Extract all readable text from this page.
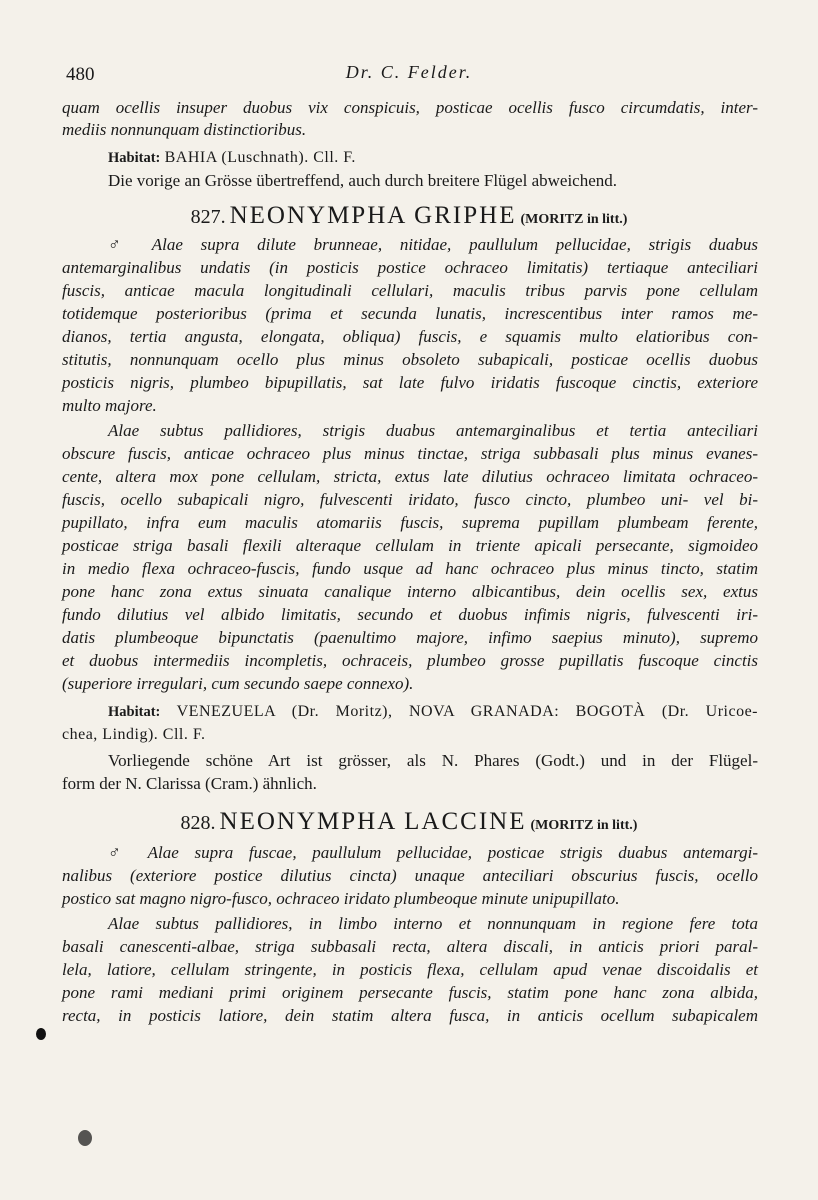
480	Dr. C. Felder.
quam ocellis insuper duobus vix conspicuis, posticae ocellis fusco circumdatis, inter-
mediis nonnunquam distinctioribus.
Habitat: BAHIA (Luschnath). Cll. F.
Die vorige an Grösse übertreffend, auch durch breitere Flügel abweichend.
827. NEONYMPHA GRIPHE (MORITZ in litt.)
♂ Alae supra dilute brunneae, nitidae, paullulum pellucidae, strigis duabus
antemarginalibus undatis (in posticis postice ochraceo limitatis) tertiaque anteciliari
fuscis, anticae macula longitudinali cellulari, maculis tribus parvis pone cellulam
totidemque posterioribus (prima et secunda lunatis, increscentibus inter ramos me-
dianos, tertia angusta, elongata, obliqua) fuscis, e squamis multo elatioribus con-
stitutis, nonnunquam ocello plus minus obsoleto subapicali, posticae ocellis duobus
posticis nigris, plumbeo bipupillatis, sat late fulvo iridatis fuscoque cinctis, exteriore
multo majore.
Alae subtus pallidiores, strigis duabus antemarginalibus et tertia anteciliari
obscure fuscis, anticae ochraceo plus minus tinctae, striga subbasali plus minus evanes-
cente, altera mox pone cellulam, stricta, extus late dilutius ochraceo limitata ochraceo-
fuscis, ocello subapicali nigro, fulvescenti iridato, fusco cincto, plumbeo uni- vel bi-
pupillato, infra eum maculis atomariis fuscis, suprema pupillam plumbeam ferente,
posticae striga basali flexili alteraque cellulam in triente apicali persecante, sigmoideo
in medio flexa ochraceo-fuscis, fundo usque ad hanc ochraceo plus minus tincto, statim
pone hanc zona extus sinuata canalique interno albicantibus, dein ocellis sex, extus
fundo dilutius vel albido limitatis, secundo et duobus infimis nigris, fulvescenti iri-
datis plumbeoque bipunctatis (paenultimo majore, infimo saepius minuto), supremo
et duobus intermediis incompletis, ochraceis, plumbeo grosse pupillatis fuscoque cinctis
(superiore irregulari, cum secundo saepe connexo).
Habitat: VENEZUELA (Dr. Moritz), NOVA GRANADA: BOGOTÀ (Dr. Uricoe-
chea, Lindig). Cll. F.
Vorliegende schöne Art ist grösser, als N. Phares (Godt.) und in der Flügel-
form der N. Clarissa (Cram.) ähnlich.
828. NEONYMPHA LACCINE (MORITZ in litt.)
♂ Alae supra fuscae, paullulum pellucidae, posticae strigis duabus antemargi-
nalibus (exteriore postice dilutius cincta) unaque anteciliari obscurius fuscis, ocello
postico sat magno nigro-fusco, ochraceo iridato plumbeoque minute unipupillato.
Alae subtus pallidiores, in limbo interno et nonnunquam in regione fere tota
basali canescenti-albae, striga subbasali recta, altera discali, in anticis priori paral-
lela, latiore, cellulam stringente, in posticis flexa, cellulam apud venae discoidalis et
pone rami mediani primi originem persecante fuscis, statim pone hanc zona albida,
recta, in posticis latiore, dein statim altera fusca, in anticis ocellum subapicalem
